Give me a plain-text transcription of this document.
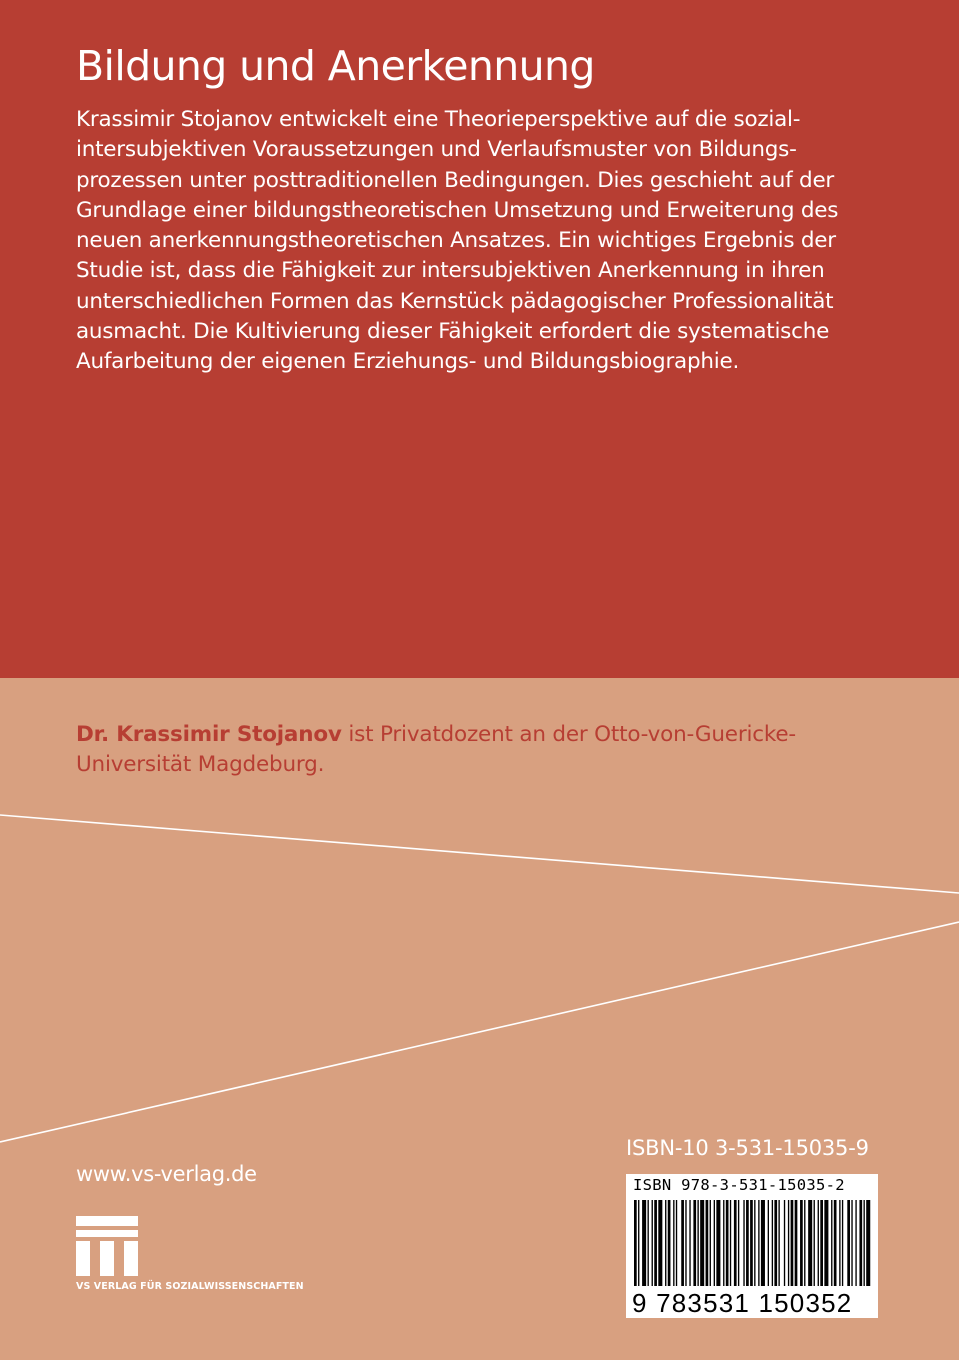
Bildung und Anerkennung
Krassimir Stojanov entwickelt eine Theorieperspektive auf die sozial-
intersubjektiven Voraussetzungen und Verlaufsmuster von Bildungs-
prozessen unter posttraditionellen Bedingungen. Dies geschieht auf der
Grundlage einer bildungstheoretischen Umsetzung und Erweiterung des
neuen anerkennungstheoretischen Ansatzes. Ein wichtiges Ergebnis der
Studie ist, dass die Fähigkeit zur intersubjektiven Anerkennung in ihren
unterschiedlichen Formen das Kernstück pädagogischer Professionalität
ausmacht. Die Kultivierung dieser Fähigkeit erfordert die systematische
Aufarbeitung der eigenen Erziehungs- und Bildungsbiographie.
Dr. Krassimir Stojanov ist Privatdozent an der Otto-von-Guericke-
Universität Magdeburg.
ISBN-10 3-531-15035-9
www.vs-verlag.de
VS VERLAG FÜR SOZIALWISSENSCHAFTEN
ISBN 978-3-531-15035-2
9 783531 150352
